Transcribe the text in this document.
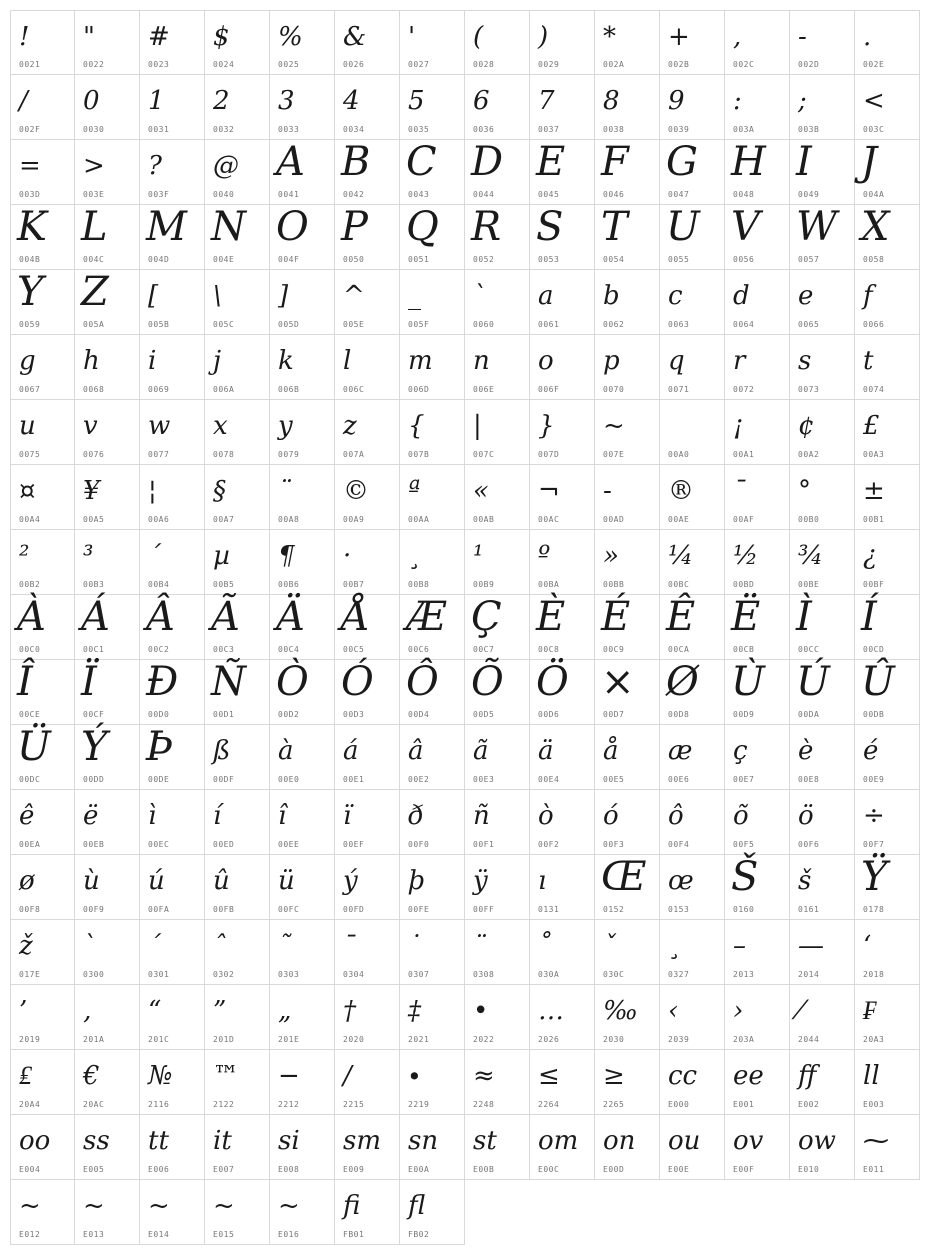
!
0021
"
0022
#
0023
$
0024
%
0025
&
0026
'
0027
(
0028
)
0029
*
002A
+
002B
,
002C
-
002D
.
002E
/
002F
0
0030
1
0031
2
0032
3
0033
4
0034
5
0035
6
0036
7
0037
8
0038
9
0039
:
003A
;
003B
<
003C
=
003D
>
003E
?
003F
@
0040
A
0041
B
0042
C
0043
D
0044
E
0045
F
0046
G
0047
H
0048
I
0049
J
004A
K
004B
L
004C
M
004D
N
004E
O
004F
P
0050
Q
0051
R
0052
S
0053
T
0054
U
0055
V
0056
W
0057
X
0058
Y
0059
Z
005A
[
005B
\
005C
]
005D
^
005E
_
005F
`
0060
a
0061
b
0062
c
0063
d
0064
e
0065
f
0066
g
0067
h
0068
i
0069
j
006A
k
006B
l
006C
m
006D
n
006E
o
006F
p
0070
q
0071
r
0072
s
0073
t
0074
u
0075
v
0076
w
0077
x
0078
y
0079
z
007A
{
007B
|
007C
}
007D
~
007E	00A0
¡
00A1
¢
00A2
£
00A3
¤
00A4
¥
00A5
¦
00A6
§
00A7
¨
00A8
©
00A9
ª
00AA
«
00AB
¬
00AC
-
00AD
®
00AE
¯
00AF
°
00B0
±
00B1
²
00B2
³
00B3
´
00B4
µ
00B5
¶
00B6
·
00B7
¸
00B8
¹
00B9
º
00BA
»
00BB
¼
00BC
½
00BD
¾
00BE
¿
00BF
À
00C0
Á
00C1
Â
00C2
Ã
00C3
Ä
00C4
Å
00C5
Æ
00C6
Ç
00C7
È
00C8
É
00C9
Ê
00CA
Ë
00CB
Ì
00CC
Í
00CD
Î
00CE
Ï
00CF
Ð
00D0
Ñ
00D1
Ò
00D2
Ó
00D3
Ô
00D4
Õ
00D5
Ö
00D6
×
00D7
Ø
00D8
Ù
00D9
Ú
00DA
Û
00DB
Ü
00DC
Ý
00DD
Þ
00DE
ß
00DF
à
00E0
á
00E1
â
00E2
ã
00E3
ä
00E4
å
00E5
æ
00E6
ç
00E7
è
00E8
é
00E9
ê
00EA
ë
00EB
ì
00EC
í
00ED
î
00EE
ï
00EF
ð
00F0
ñ
00F1
ò
00F2
ó
00F3
ô
00F4
õ
00F5
ö
00F6
÷
00F7
ø
00F8
ù
00F9
ú
00FA
û
00FB
ü
00FC
ý
00FD
þ
00FE
ÿ
00FF
ı
0131
Œ
0152
œ
0153
Š
0160
š
0161
Ÿ
0178
ž
017E
`
0300
´
0301
ˆ
0302
˜
0303
¯
0304
˙
0307
¨
0308
˚
030A
ˇ
030C
¸
0327
–
2013
—
2014
‘
2018
’
2019
‚
201A
“
201C
”
201D
„
201E
†
2020
‡
2021
•
2022
…
2026
‰
2030
‹
2039
›
203A
⁄
2044
₣
20A3
₤
20A4
€
20AC
№
2116
™
2122
−
2212
∕
2215
∙
2219
≈
2248
≤
2264
≥
2265
cc
E000
ee
E001
ff
E002
ll
E003
oo
E004
ss
E005
tt
E006
it
E007
si
E008
sm
E009
sn
E00A
st
E00B
om
E00C
on
E00D
ou
E00E
ov
E00F
ow
E010
⁓
E011
~
E012
~
E013
~
E014
~
E015
~
E016
ﬁ
FB01
ﬂ
FB02
